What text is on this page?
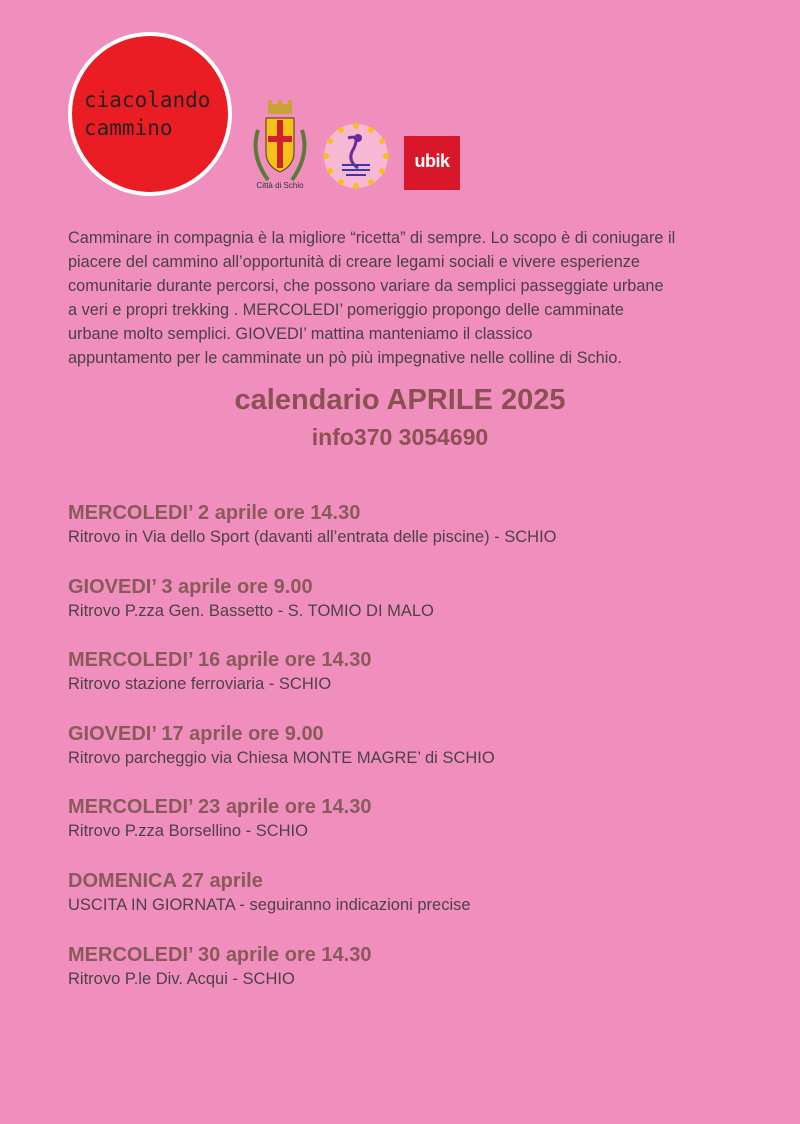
ciacolando
cammino
Città di Schio
ubik
Camminare in compagnia è la migliore “ricetta” di sempre. Lo scopo è di coniugare il
piacere del cammino all’opportunità di creare legami sociali e vivere esperienze
comunitarie durante percorsi, che possono variare da semplici passeggiate urbane
a veri e propri trekking . MERCOLEDI’ pomeriggio propongo delle camminate
urbane molto semplici. GIOVEDI’ mattina manteniamo il classico
appuntamento per le camminate un pò più impegnative nelle colline di Schio.
calendario APRILE 2025
info370 3054690
MERCOLEDI’ 2 aprile ore 14.30
Ritrovo in Via dello Sport (davanti all’entrata delle piscine) - SCHIO
GIOVEDI’ 3 aprile ore 9.00
Ritrovo P.zza Gen. Bassetto - S. TOMIO DI MALO
MERCOLEDI’ 16 aprile ore 14.30
Ritrovo stazione ferroviaria - SCHIO
GIOVEDI’ 17 aprile ore 9.00
Ritrovo parcheggio via Chiesa MONTE MAGRE’ di SCHIO
MERCOLEDI’ 23 aprile ore 14.30
Ritrovo P.zza Borsellino - SCHIO
DOMENICA 27 aprile
USCITA IN GIORNATA - seguiranno indicazioni precise
MERCOLEDI’ 30 aprile ore 14.30
Ritrovo P.le Div. Acqui - SCHIO
